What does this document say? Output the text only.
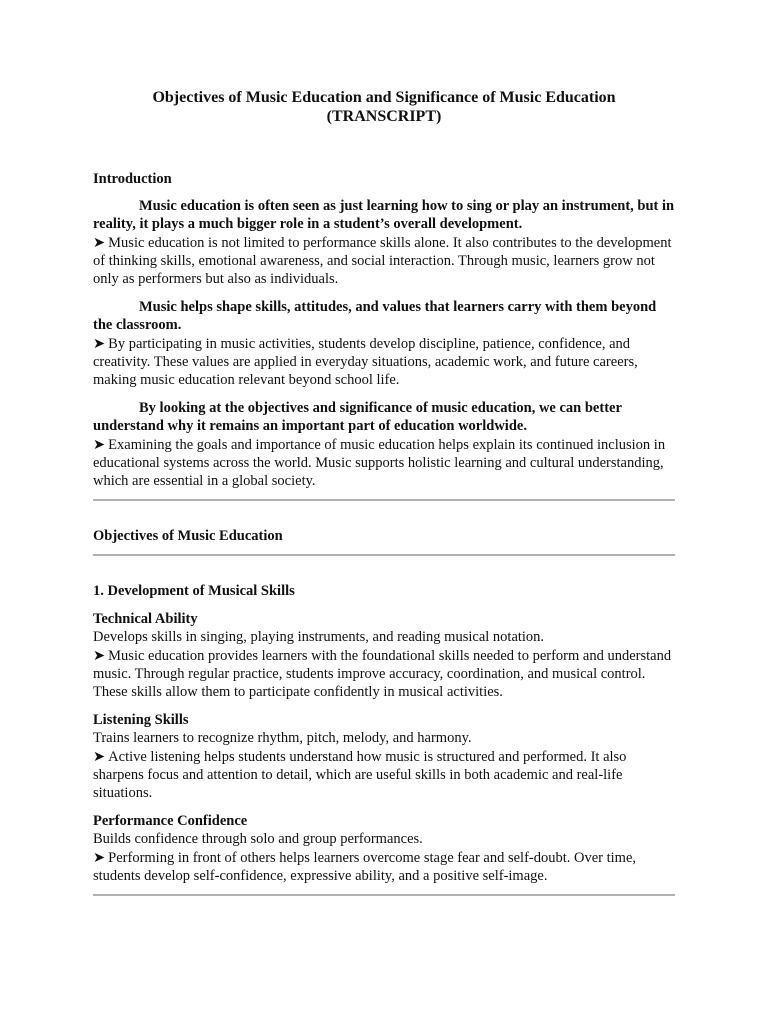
Objectives of Music Education and Significance of Music Education
(TRANSCRIPT)

Introduction

Music education is often seen as just learning how to sing or play an instrument, but in reality, it plays a much bigger role in a student’s overall development.

➤ Music education is not limited to performance skills alone. It also contributes to the development of thinking skills, emotional awareness, and social interaction. Through music, learners grow not only as performers but also as individuals.

Music helps shape skills, attitudes, and values that learners carry with them beyond the classroom.

➤ By participating in music activities, students develop discipline, patience, confidence, and creativity. These values are applied in everyday situations, academic work, and future careers, making music education relevant beyond school life.

By looking at the objectives and significance of music education, we can better understand why it remains an important part of education worldwide.

➤ Examining the goals and importance of music education helps explain its continued inclusion in educational systems across the world. Music supports holistic learning and cultural understanding, which are essential in a global society.

Objectives of Music Education

1. Development of Musical Skills

Technical Ability

Develops skills in singing, playing instruments, and reading musical notation.

➤ Music education provides learners with the foundational skills needed to perform and understand music. Through regular practice, students improve accuracy, coordination, and musical control. These skills allow them to participate confidently in musical activities.

Listening Skills

Trains learners to recognize rhythm, pitch, melody, and harmony.

➤ Active listening helps students understand how music is structured and performed. It also sharpens focus and attention to detail, which are useful skills in both academic and real-life situations.

Performance Confidence

Builds confidence through solo and group performances.

➤ Performing in front of others helps learners overcome stage fear and self-doubt. Over time, students develop self-confidence, expressive ability, and a positive self-image.
